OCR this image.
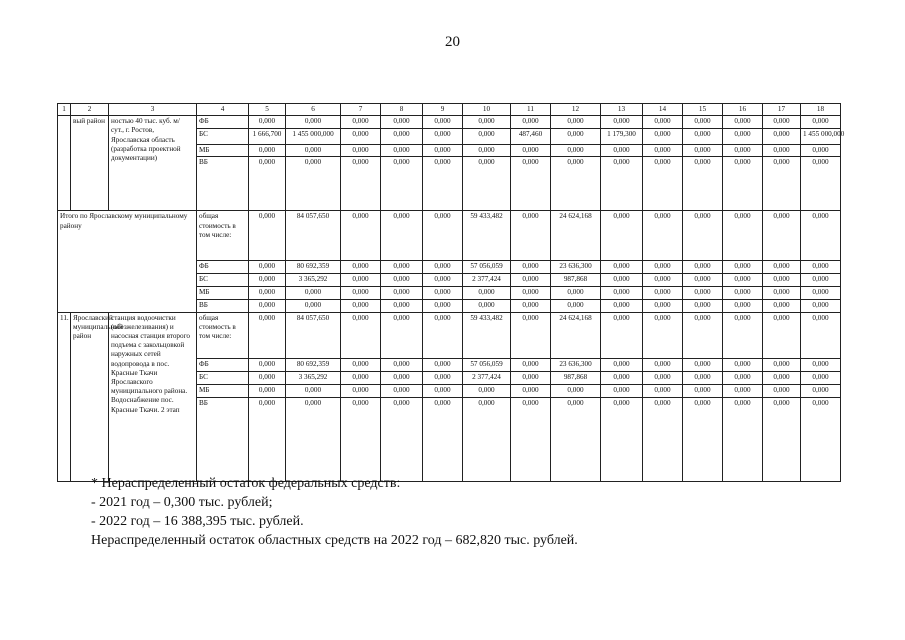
20
1	2	3	4	5	6	7	8	9	10	11	12	13	14	15	16	17	18
	вый район	ностью 40 тыс. куб. м/ сут., г. Ростов, Ярославская область (разработка проектной документации)	ФБ	0,000	0,000	0,000	0,000	0,000	0,000	0,000	0,000	0,000	0,000	0,000	0,000	0,000	0,000
			БС	1 666,700	1 455 000,000	0,000	0,000	0,000	0,000	487,460	0,000	1 179,300	0,000	0,000	0,000	0,000	1 455 000,000
			МБ	0,000	0,000	0,000	0,000	0,000	0,000	0,000	0,000	0,000	0,000	0,000	0,000	0,000	0,000
			ВБ	0,000	0,000	0,000	0,000	0,000	0,000	0,000	0,000	0,000	0,000	0,000	0,000	0,000	0,000
Итого по Ярославскому муниципальному району			общая стоимость в том числе:	0,000	84 057,650	0,000	0,000	0,000	59 433,482	0,000	24 624,168	0,000	0,000	0,000	0,000	0,000	0,000
			ФБ	0,000	80 692,359	0,000	0,000	0,000	57 056,059	0,000	23 636,300	0,000	0,000	0,000	0,000	0,000	0,000
			БС	0,000	3 365,292	0,000	0,000	0,000	2 377,424	0,000	987,868	0,000	0,000	0,000	0,000	0,000	0,000
			МБ	0,000	0,000	0,000	0,000	0,000	0,000	0,000	0,000	0,000	0,000	0,000	0,000	0,000	0,000
			ВБ	0,000	0,000	0,000	0,000	0,000	0,000	0,000	0,000	0,000	0,000	0,000	0,000	0,000	0,000
11.	Ярославский муниципальный район	станция водоочистки (обезжелезивания) и насосная станция второго подъема с закольцовкой наружных сетей водопровода в пос. Красные Ткачи Ярославского муниципального района. Водоснабжение пос. Красные Ткачи. 2 этап	общая стоимость в том числе:	0,000	84 057,650	0,000	0,000	0,000	59 433,482	0,000	24 624,168	0,000	0,000	0,000	0,000	0,000	0,000
			ФБ	0,000	80 692,359	0,000	0,000	0,000	57 056,059	0,000	23 636,300	0,000	0,000	0,000	0,000	0,000	0,000
			БС	0,000	3 365,292	0,000	0,000	0,000	2 377,424	0,000	987,868	0,000	0,000	0,000	0,000	0,000	0,000
			МБ	0,000	0,000	0,000	0,000	0,000	0,000	0,000	0,000	0,000	0,000	0,000	0,000	0,000	0,000
			ВБ	0,000	0,000	0,000	0,000	0,000	0,000	0,000	0,000	0,000	0,000	0,000	0,000	0,000	0,000
* Нераспределенный остаток федеральных средств:
- 2021 год – 0,300 тыс. рублей;
- 2022 год – 16 388,395 тыс. рублей.
Нераспределенный остаток областных средств на 2022 год – 682,820 тыс. рублей.
